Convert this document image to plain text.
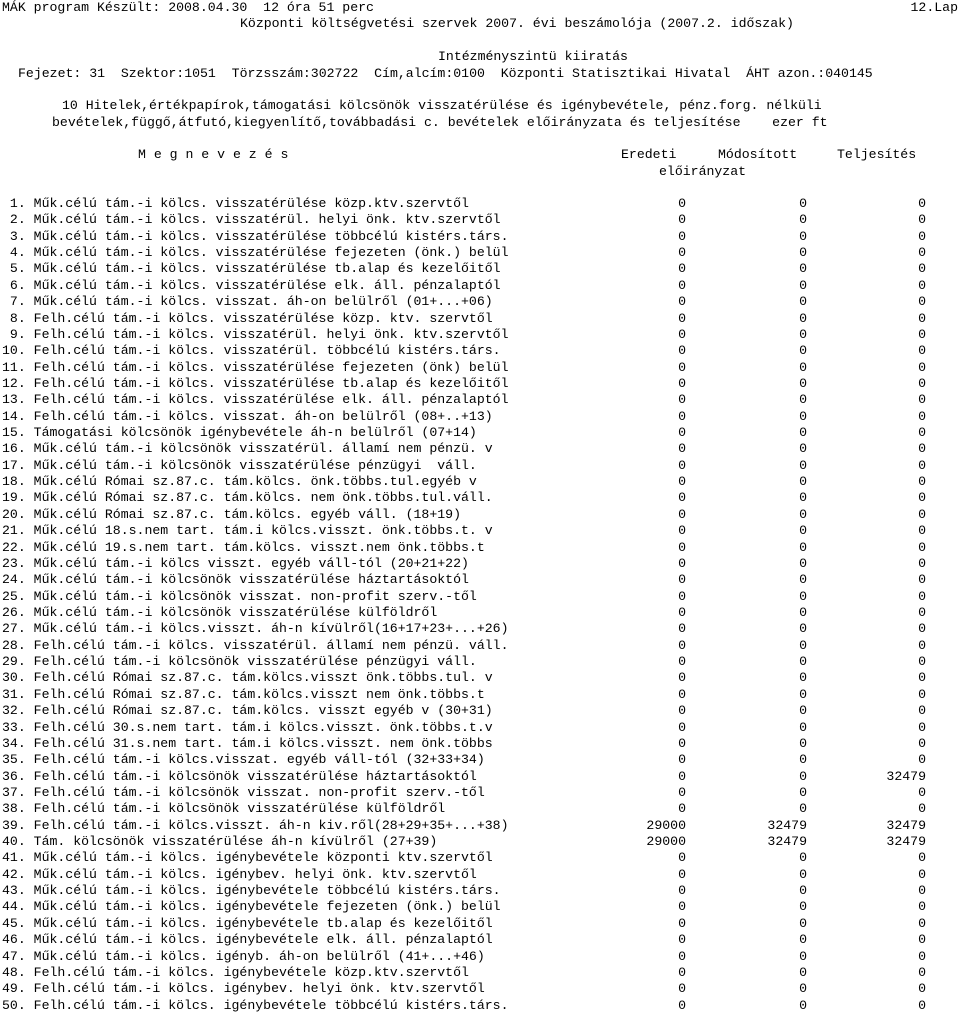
MÁK program Készült: 2008.04.30  12 óra 51 perc	12.Lap
Központi költségvetési szervek 2007. évi beszámolója (2007.2. időszak)
Intézményszintü kiiratás
Fejezet: 31  Szektor:1051  Törzsszám:302722  Cím,alcím:0100  Központi Statisztikai Hivatal  ÁHT azon.:040145
10 Hitelek,értékpapírok,támogatási kölcsönök visszatérülése és igénybevétele, pénz.forg. nélküli
bevételek,függő,átfutó,kiegyenlítő,továbbadási c. bevételek előirányzata és teljesítése    ezer ft
M e g n e v e z é s	Eredeti	Módosított	Teljesítés
előirányzat
1. Műk.célú tám.-i kölcs. visszatérülése közp.ktv.szervtől	0	0	0
2. Műk.célú tám.-i kölcs. visszatérül. helyi önk. ktv.szervtől	0	0	0
3. Műk.célú tám.-i kölcs. visszatérülése többcélú kistérs.társ.	0	0	0
4. Műk.célú tám.-i kölcs. visszatérülése fejezeten (önk.) belül	0	0	0
5. Műk.célú tám.-i kölcs. visszatérülése tb.alap és kezelőitől	0	0	0
6. Műk.célú tám.-i kölcs. visszatérülése elk. áll. pénzalaptól	0	0	0
7. Műk.célú tám.-i kölcs. visszat. áh-on belülről (01+...+06)	0	0	0
8. Felh.célú tám.-i kölcs. visszatérülése közp. ktv. szervtől	0	0	0
9. Felh.célú tám.-i kölcs. visszatérül. helyi önk. ktv.szervtől	0	0	0
10. Felh.célú tám.-i kölcs. visszatérül. többcélú kistérs.társ.	0	0	0
11. Felh.célú tám.-i kölcs. visszatérülése fejezeten (önk) belül	0	0	0
12. Felh.célú tám.-i kölcs. visszatérülése tb.alap és kezelőitől	0	0	0
13. Felh.célú tám.-i kölcs. visszatérülése elk. áll. pénzalaptól	0	0	0
14. Felh.célú tám.-i kölcs. visszat. áh-on belülről (08+..+13)	0	0	0
15. Támogatási kölcsönök igénybevétele áh-n belülről (07+14)	0	0	0
16. Műk.célú tám.-i kölcsönök visszatérül. államí nem pénzü. v	0	0	0
17. Műk.célú tám.-i kölcsönök visszatérülése pénzügyi  váll.	0	0	0
18. Műk.célú Római sz.87.c. tám.kölcs. önk.többs.tul.egyéb v	0	0	0
19. Műk.célú Római sz.87.c. tám.kölcs. nem önk.többs.tul.váll.	0	0	0
20. Műk.célú Római sz.87.c. tám.kölcs. egyéb váll. (18+19)	0	0	0
21. Műk.célú 18.s.nem tart. tám.i kölcs.visszt. önk.többs.t. v	0	0	0
22. Műk.célú 19.s.nem tart. tám.kölcs. visszt.nem önk.többs.t	0	0	0
23. Műk.célú tám.-i kölcs visszt. egyéb váll-tól (20+21+22)	0	0	0
24. Műk.célú tám.-i kölcsönök visszatérülése háztartásoktól	0	0	0
25. Műk.célú tám.-i kölcsönök visszat. non-profit szerv.-től	0	0	0
26. Műk.célú tám.-i kölcsönök visszatérülése külföldről	0	0	0
27. Műk.célú tám.-i kölcs.visszt. áh-n kívülről(16+17+23+...+26)	0	0	0
28. Felh.célú tám.-i kölcs. visszatérül. államí nem pénzü. váll.	0	0	0
29. Felh.célú tám.-i kölcsönök visszatérülése pénzügyi váll.	0	0	0
30. Felh.célú Római sz.87.c. tám.kölcs.visszt önk.többs.tul. v	0	0	0
31. Felh.célú Római sz.87.c. tám.kölcs.visszt nem önk.többs.t	0	0	0
32. Felh.célú Római sz.87.c. tám.kölcs. visszt egyéb v (30+31)	0	0	0
33. Felh.célú 30.s.nem tart. tám.i kölcs.visszt. önk.többs.t.v	0	0	0
34. Felh.célú 31.s.nem tart. tám.i kölcs.visszt. nem önk.többs	0	0	0
35. Felh.célú tám.-i kölcs.visszat. egyéb váll-tól (32+33+34)	0	0	0
36. Felh.célú tám.-i kölcsönök visszatérülése háztartásoktól	0	0	32479
37. Felh.célú tám.-i kölcsönök visszat. non-profit szerv.-től	0	0	0
38. Felh.célú tám.-i kölcsönök visszatérülése külföldről	0	0	0
39. Felh.célú tám.-i kölcs.visszt. áh-n kiv.ről(28+29+35+...+38)	29000	32479	32479
40. Tám. kölcsönök visszatérülése áh-n kívülről (27+39)	29000	32479	32479
41. Műk.célú tám.-i kölcs. igénybevétele központi ktv.szervtől	0	0	0
42. Műk.célú tám.-i kölcs. igénybev. helyi önk. ktv.szervtől	0	0	0
43. Műk.célú tám.-i kölcs. igénybevétele többcélú kistérs.társ.	0	0	0
44. Műk.célú tám.-i kölcs. igénybevétele fejezeten (önk.) belül	0	0	0
45. Műk.célú tám.-i kölcs. igénybevétele tb.alap és kezelőitől	0	0	0
46. Műk.célú tám.-i kölcs. igénybevétele elk. áll. pénzalaptól	0	0	0
47. Műk.célú tám.-i kölcs. igényb. áh-on belülről (41+...+46)	0	0	0
48. Felh.célú tám.-i kölcs. igénybevétele közp.ktv.szervtől	0	0	0
49. Felh.célú tám.-i kölcs. igénybev. helyi önk. ktv.szervtől	0	0	0
50. Felh.célú tám.-i kölcs. igénybevétele többcélú kistérs.társ.	0	0	0
